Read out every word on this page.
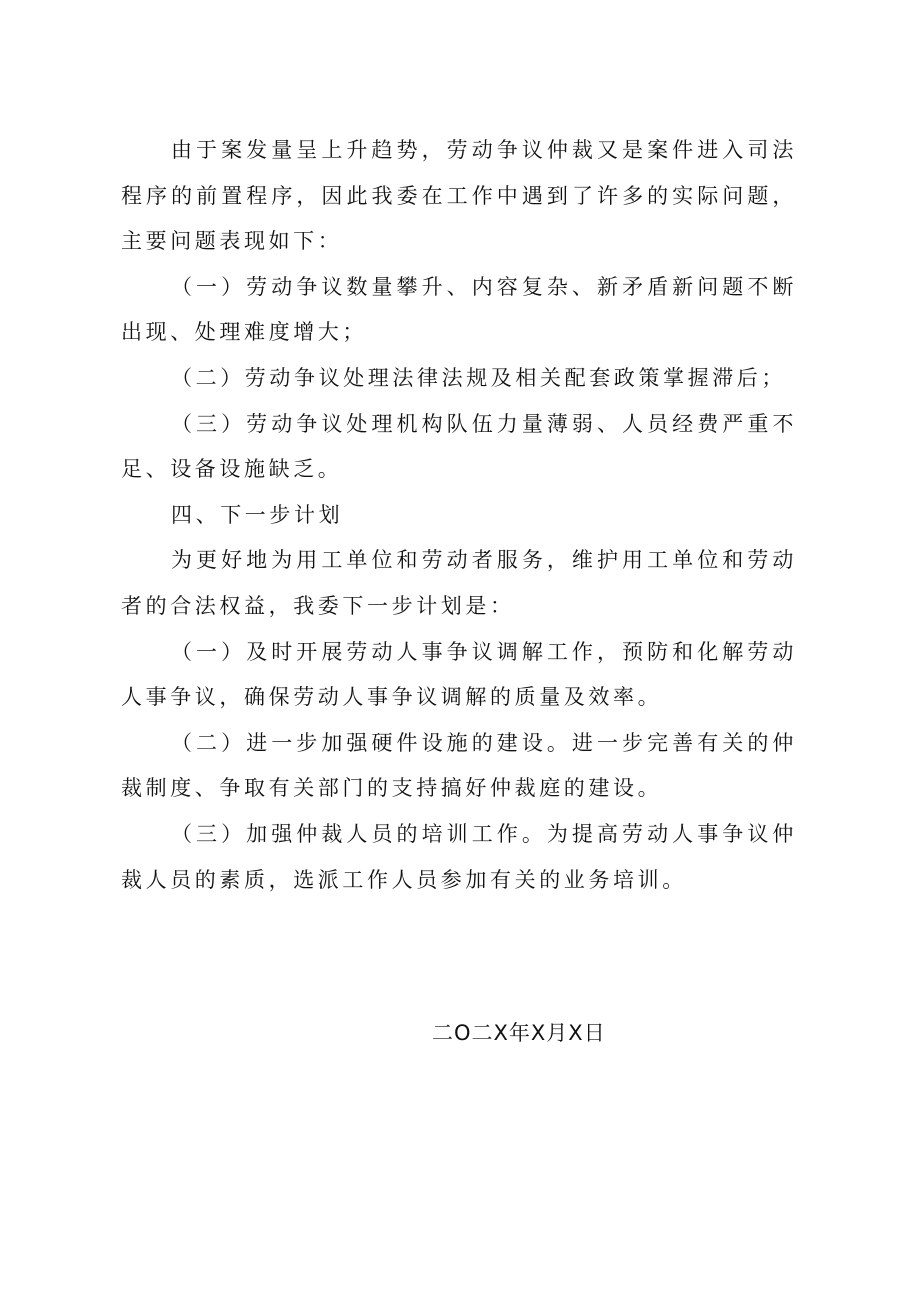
由于案发量呈上升趋势，劳动争议仲裁又是案件进入司法程序的前置程序，因此我委在工作中遇到了许多的实际问题，主要问题表现如下：

（一）劳动争议数量攀升、内容复杂、新矛盾新问题不断出现、处理难度增大；

（二）劳动争议处理法律法规及相关配套政策掌握滞后；

（三）劳动争议处理机构队伍力量薄弱、人员经费严重不足、设备设施缺乏。

四、下一步计划

为更好地为用工单位和劳动者服务，维护用工单位和劳动者的合法权益，我委下一步计划是：

（一）及时开展劳动人事争议调解工作，预防和化解劳动人事争议，确保劳动人事争议调解的质量及效率。

（二）进一步加强硬件设施的建设。进一步完善有关的仲裁制度、争取有关部门的支持搞好仲裁庭的建设。

（三）加强仲裁人员的培训工作。为提高劳动人事争议仲裁人员的素质，选派工作人员参加有关的业务培训。

二O二X年X月X日
